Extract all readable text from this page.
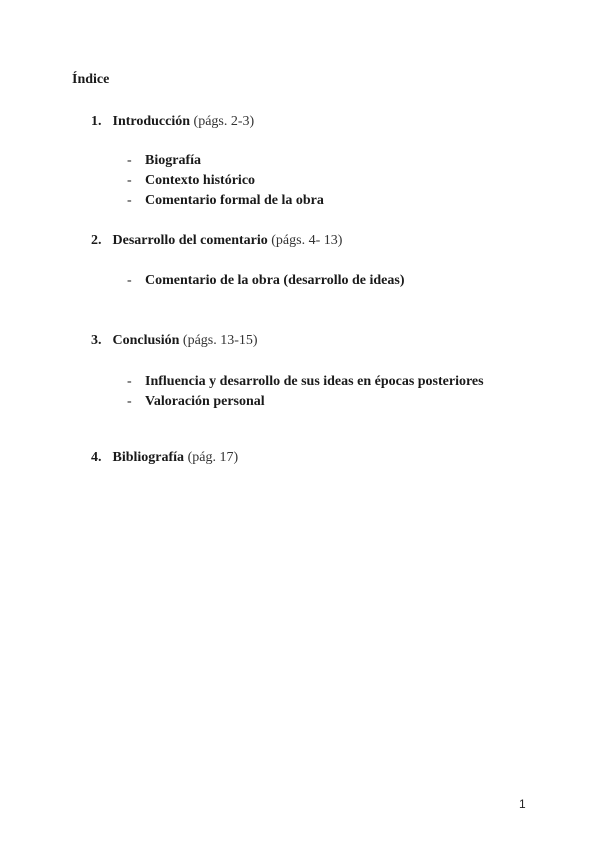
Índice
1. Introducción (págs. 2-3)
- Biografía
- Contexto histórico
- Comentario formal de la obra
2. Desarrollo del comentario (págs. 4- 13)
- Comentario de la obra (desarrollo de ideas)
3. Conclusión (págs. 13-15)
- Influencia y desarrollo de sus ideas en épocas posteriores
- Valoración personal
4. Bibliografía (pág. 17)
1
